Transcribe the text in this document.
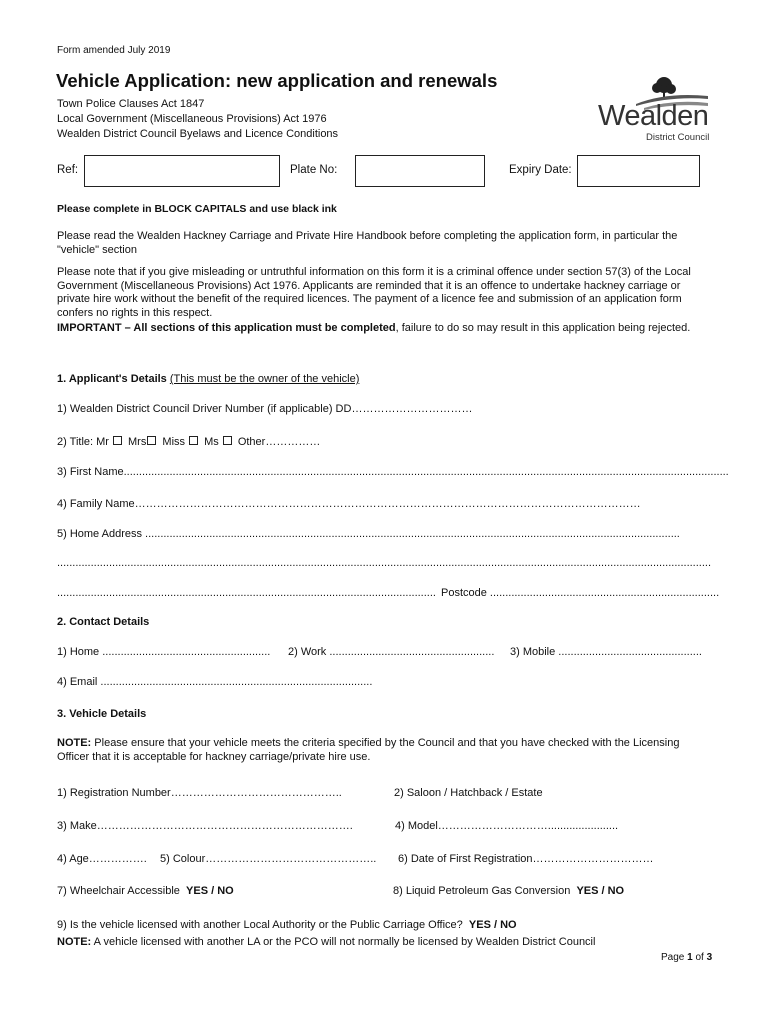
Form amended July 2019
Vehicle Application: new application and renewals
Town Police Clauses Act 1847
Local Government (Miscellaneous Provisions) Act 1976
Wealden District Council Byelaws and Licence Conditions
Wealden
District Council
Ref:	Plate No:	Expiry Date:
Please complete in BLOCK CAPITALS and use black ink
Please read the Wealden Hackney Carriage and Private Hire Handbook before completing the application form, in particular the "vehicle" section
Please note that if you give misleading or untruthful information on this form it is a criminal offence under section 57(3) of the Local Government (Miscellaneous Provisions) Act 1976. Applicants are reminded that it is an offence to undertake hackney carriage or private hire work without the benefit of the required licences. The payment of a licence fee and submission of an application form confers no rights in this respect.
IMPORTANT – All sections of this application must be completed, failure to do so may result in this application being rejected.
1. Applicant's Details (This must be the owner of the vehicle)
1) Wealden District Council Driver Number (if applicable) DD……………………………
2) Title: Mr Mrs Miss Ms Other……………
3) First Name......................................................................................................................................................................................................
4) Family Name…………………………………………………………………………………………………………………………
5) Home Address ...............................................................................................................................................................................
......................................................................................................................................................................................................................
............................................................................................................................ Postcode ...........................................................................
2. Contact Details
1) Home ....................................................... 2) Work ...................................................... 3) Mobile ...............................................
4) Email .........................................................................................
3. Vehicle Details
NOTE: Please ensure that your vehicle meets the criteria specified by the Council and that you have checked with the Licensing Officer that it is acceptable for hackney carriage/private hire use.
1) Registration Number………………………………………..	2) Saloon / Hatchback / Estate
3) Make…………………………………………………………….	4) Model………………………….......................
4) Age……………. 5) Colour……………………………………….. 6) Date of First Registration……………………………
7) Wheelchair Accessible YES / NO	8) Liquid Petroleum Gas Conversion YES / NO
9) Is the vehicle licensed with another Local Authority or the Public Carriage Office? YES / NO
NOTE: A vehicle licensed with another LA or the PCO will not normally be licensed by Wealden District Council
Page 1 of 3
